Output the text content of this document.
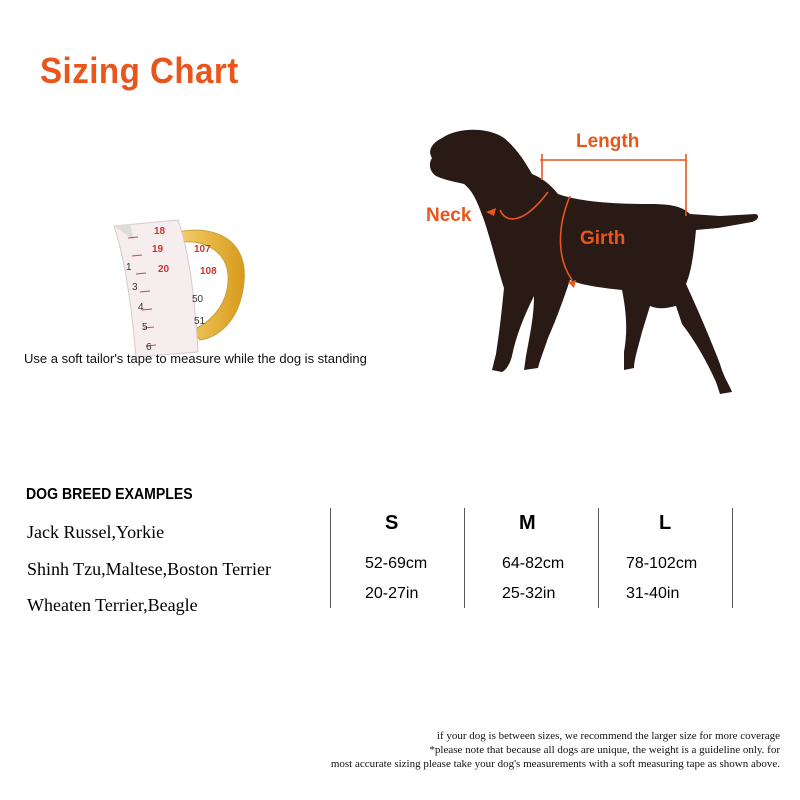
Sizing Chart
18
19
20
107
108
1
3
4
5
6
50
51
Use a soft tailor's tape to measure while the dog is standing
Length
Neck
Girth
DOG BREED EXAMPLES
Jack Russel,Yorkie
Shinh Tzu,Maltese,Boston Terrier
Wheaten Terrier,Beagle
S	M	L
52-69cm	64-82cm	78-102cm
20-27in	25-32in	31-40in
if your dog is between sizes, we recommend the larger size for more coverage
*please note that because all dogs are unique, the weight is a guideline only. for
most accurate sizing please take your dog's measurements with a soft measuring tape as shown above.
